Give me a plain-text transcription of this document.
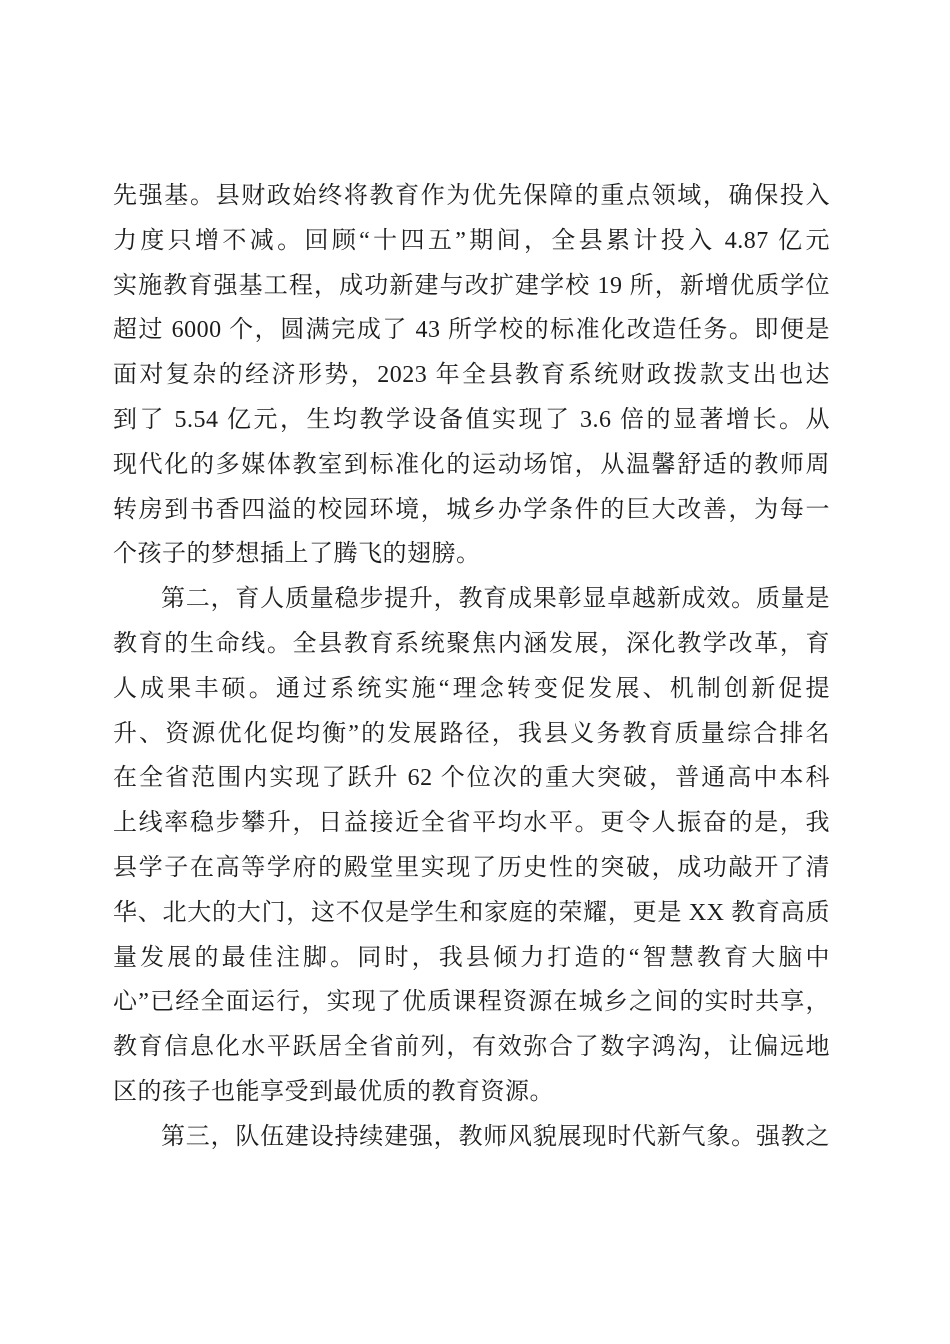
先强基。县财政始终将教育作为优先保障的重点领域，确保投入
力度只增不减。回顾“十四五”期间，全县累计投入 4.87 亿元
实施教育强基工程，成功新建与改扩建学校 19 所，新增优质学位
超过 6000 个，圆满完成了 43 所学校的标准化改造任务。即便是
面对复杂的经济形势，2023 年全县教育系统财政拨款支出也达
到了 5.54 亿元，生均教学设备值实现了 3.6 倍的显著增长。从
现代化的多媒体教室到标准化的运动场馆，从温馨舒适的教师周
转房到书香四溢的校园环境，城乡办学条件的巨大改善，为每一
个孩子的梦想插上了腾飞的翅膀。
第二，育人质量稳步提升，教育成果彰显卓越新成效。质量是
教育的生命线。全县教育系统聚焦内涵发展，深化教学改革，育
人成果丰硕。通过系统实施“理念转变促发展、机制创新促提
升、资源优化促均衡”的发展路径，我县义务教育质量综合排名
在全省范围内实现了跃升 62 个位次的重大突破，普通高中本科
上线率稳步攀升，日益接近全省平均水平。更令人振奋的是，我
县学子在高等学府的殿堂里实现了历史性的突破，成功敲开了清
华、北大的大门，这不仅是学生和家庭的荣耀，更是 XX 教育高质
量发展的最佳注脚。同时，我县倾力打造的“智慧教育大脑中
心”已经全面运行，实现了优质课程资源在城乡之间的实时共享，
教育信息化水平跃居全省前列，有效弥合了数字鸿沟，让偏远地
区的孩子也能享受到最优质的教育资源。
第三，队伍建设持续建强，教师风貌展现时代新气象。强教之
